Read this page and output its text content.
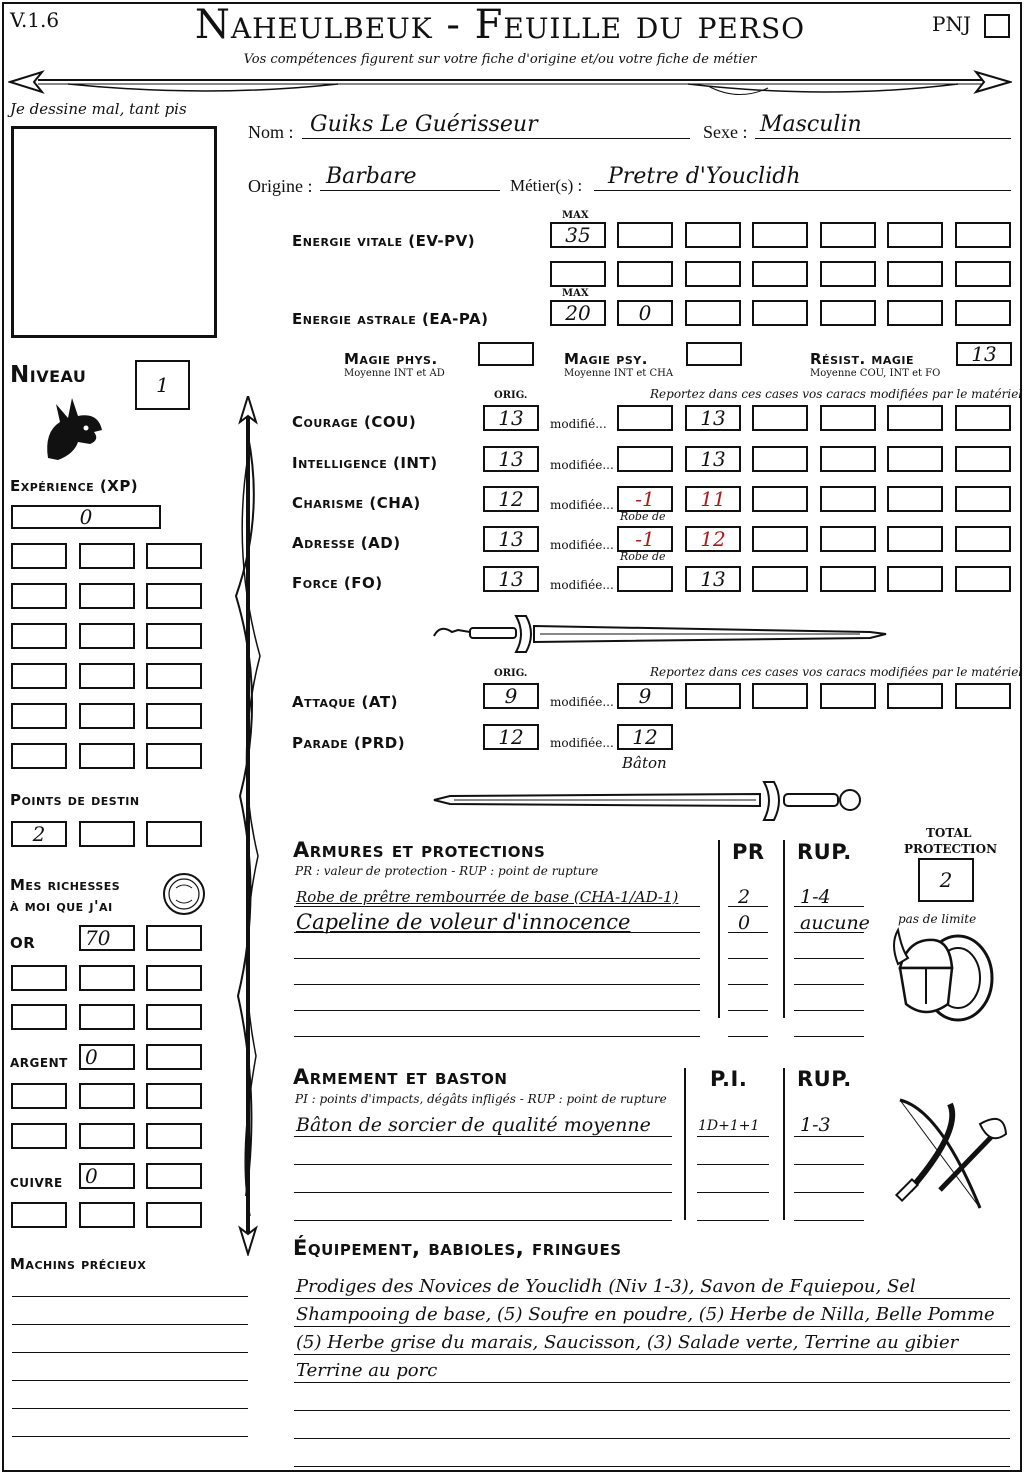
V.1.6	Naheulbeuk - Feuille du perso
Vos compétences figurent sur votre fiche d'origine et/ou votre fiche de métier
PNJ
Je dessine mal, tant pis
Nom : Guiks Le Guérisseur	Sexe : Masculin
Origine : Barbare	Métier(s) : Pretre d'Youclidh
Energie vitale (EV-PV)
MAX
35
Energie astrale (EA-PA)
MAX
20 0
Magie phys.
Moyenne INT et AD
Magie psy.
Moyenne INT et CHA
Résist. magie
Moyenne COU, INT et FO
13
Niveau	1
Expérience (XP)
0
Points de destin
2
Mes richesses
à moi que j'ai
OR 70
ARGENT 0
CUIVRE 0
Machins précieux
ORIG.	Reportez dans ces cases vos caracs modifiées par le matériel
Courage (COU)	13 modifié...	13
Intelligence (INT)	13 modifiée...	13
Charisme (CHA)	12 modifiée... -1 11
Robe de
Adresse (AD)	13 modifiée... -1 12
Robe de
Force (FO)	13 modifiée...	13
ORIG.	Reportez dans ces cases vos caracs modifiées par le matériel
Attaque (AT)	9	modifiée... 9
Parade (PRD)	12 modifiée... 12
Bâton
Armures et protections
PR : valeur de protection - RUP : point de rupture
PR RUP.
TOTAL
PROTECTION
2
pas de limite
Robe de prêtre rembourrée de base (CHA-1/AD-1)	2	1-4
Capeline de voleur d'innocence	0	aucune
Armement et baston
PI : points d'impacts, dégâts infligés - RUP : point de rupture
P.I. RUP.
Bâton de sorcier de qualité moyenne	1D+1+1 1-3
Équipement, babioles, fringues
Prodiges des Novices de Youclidh (Niv 1-3), Savon de Fquiepou, Sel
Shampooing de base, (5) Soufre en poudre, (5) Herbe de Nilla, Belle Pomme
(5) Herbe grise du marais, Saucisson, (3) Salade verte, Terrine au gibier
Terrine au porc
